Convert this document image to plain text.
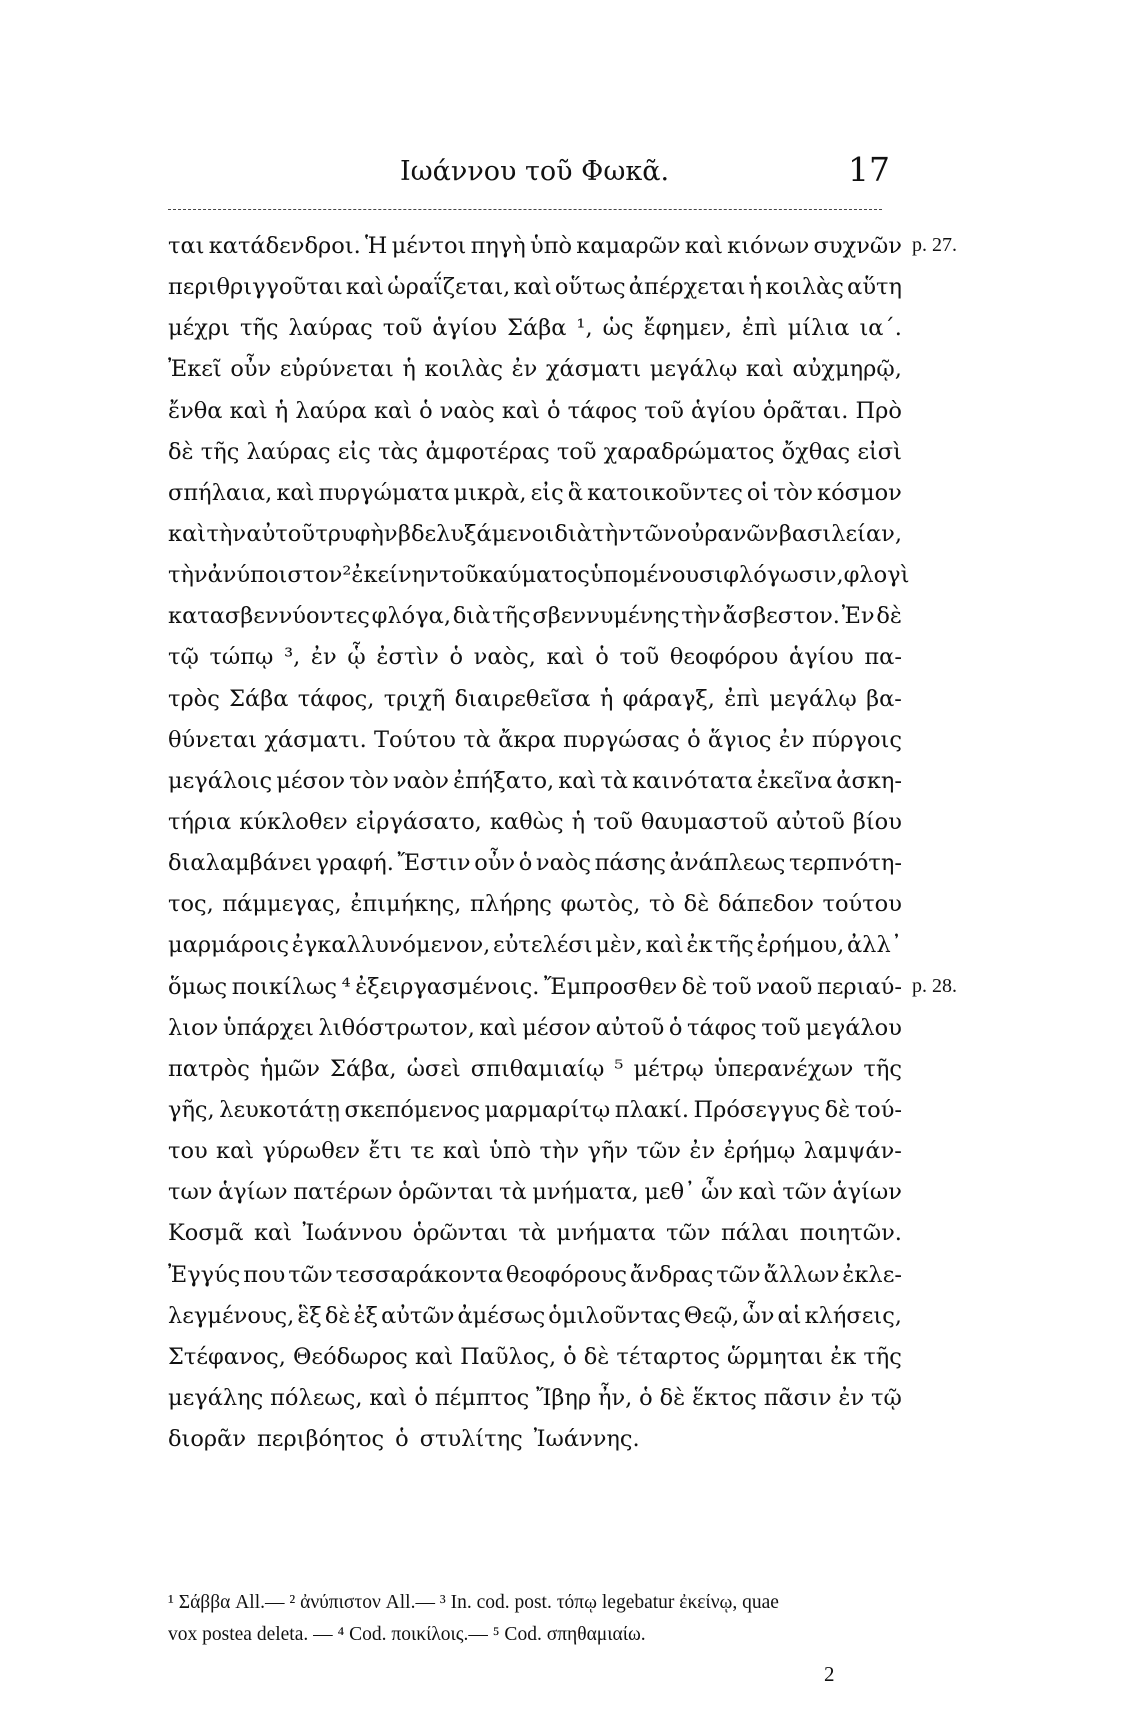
Ιωάννου τοῦ Φωκᾶ.	17
ται κατάδενδροι. Ἡ μέντοι πηγὴ ὑπὸ καμαρῶν καὶ κιόνων συχνῶν
περιθριγγοῦται καὶ ὡραΐζεται, καὶ οὕτως ἀπέρχεται ἡ κοιλὰς αὕτη
μέχρι τῆς λαύρας τοῦ ἁγίου Σάβα ¹, ὡς ἔφημεν, ἐπὶ μίλια ια΄.
Ἐκεῖ οὖν εὐρύνεται ἡ κοιλὰς ἐν χάσματι μεγάλῳ καὶ αὐχμηρῷ,
ἔνθα καὶ ἡ λαύρα καὶ ὁ ναὸς καὶ ὁ τάφος τοῦ ἁγίου ὁρᾶται. Πρὸ
δὲ τῆς λαύρας εἰς τὰς ἀμφοτέρας τοῦ χαραδρώματος ὄχθας εἰσὶ
σπήλαια, καὶ πυργώματα μικρὰ, εἰς ἃ κατοικοῦντες οἱ τὸν κόσμον
καὶ τὴν αὐτοῦ τρυφὴν βδελυξάμενοι διὰ τὴν τῶν οὐρανῶν βασιλείαν,
τὴν ἀνύποιστον ² ἐκείνην τοῦ καύματος ὑπομένουσι φλόγωσιν, φλογὶ
κατασβεννύοντες φλόγα, διὰ τῆς σβεννυμένης τὴν ἄσβεστον. Ἐν δὲ
τῷ τώπῳ ³, ἐν ᾧ ἐστὶν ὁ ναὸς, καὶ ὁ τοῦ θεοφόρου ἁγίου πα-
τρὸς Σάβα τάφος, τριχῆ διαιρεθεῖσα ἡ φάραγξ, ἐπὶ μεγάλῳ βα-
θύνεται χάσματι. Τούτου τὰ ἄκρα πυργώσας ὁ ἅγιος ἐν πύργοις
μεγάλοις μέσον τὸν ναὸν ἐπήξατο, καὶ τὰ καινότατα ἐκεῖνα ἀσκη-
τήρια κύκλοθεν εἰργάσατο, καθὼς ἡ τοῦ θαυμαστοῦ αὐτοῦ βίου
διαλαμβάνει γραφή. Ἔστιν οὖν ὁ ναὸς πάσης ἀνάπλεως τερπνότη-
τος, πάμμεγας, ἐπιμήκης, πλήρης φωτὸς, τὸ δὲ δάπεδον τούτου
μαρμάροις ἐγκαλλυνόμενον, εὐτελέσι μὲν, καὶ ἐκ τῆς ἐρήμου, ἀλλ᾽
ὅμως ποικίλως ⁴ ἐξειργασμένοις. Ἔμπροσθεν δὲ τοῦ ναοῦ περιαύ-
λιον ὑπάρχει λιθόστρωτον, καὶ μέσον αὐτοῦ ὁ τάφος τοῦ μεγάλου
πατρὸς ἡμῶν Σάβα, ὡσεὶ σπιθαμιαίῳ ⁵ μέτρῳ ὑπερανέχων τῆς
γῆς, λευκοτάτῃ σκεπόμενος μαρμαρίτῳ πλακί. Πρόσεγγυς δὲ τού-
του καὶ γύρωθεν ἔτι τε καὶ ὑπὸ τὴν γῆν τῶν ἐν ἐρήμῳ λαμψάν-
των ἁγίων πατέρων ὁρῶνται τὰ μνήματα, μεθ᾽ ὧν καὶ τῶν ἁγίων
Κοσμᾶ καὶ Ἰωάννου ὁρῶνται τὰ μνήματα τῶν πάλαι ποιητῶν.
Ἐγγύς που τῶν τεσσαράκοντα θεοφόρους ἄνδρας τῶν ἄλλων ἐκλε-
λεγμένους, ἓξ δὲ ἐξ αὐτῶν ἀμέσως ὁμιλοῦντας Θεῷ, ὧν αἱ κλήσεις,
Στέφανος, Θεόδωρος καὶ Παῦλος, ὁ δὲ τέταρτος ὥρμηται ἐκ τῆς
μεγάλης πόλεως, καὶ ὁ πέμπτος Ἴβηρ ἦν, ὁ δὲ ἕκτος πᾶσιν ἐν τῷ
διορᾶν περιβόητος ὁ στυλίτης Ἰωάννης.
p. 27.
p. 28.
¹ Σάββα All.— ² ἀνύπιστον All.— ³ In. cod. post. τόπῳ legebatur ἐκείνῳ, quae
vox postea deleta. — ⁴ Cod. ποικίλοις.— ⁵ Cod. σπηθαμιαίω.
2
